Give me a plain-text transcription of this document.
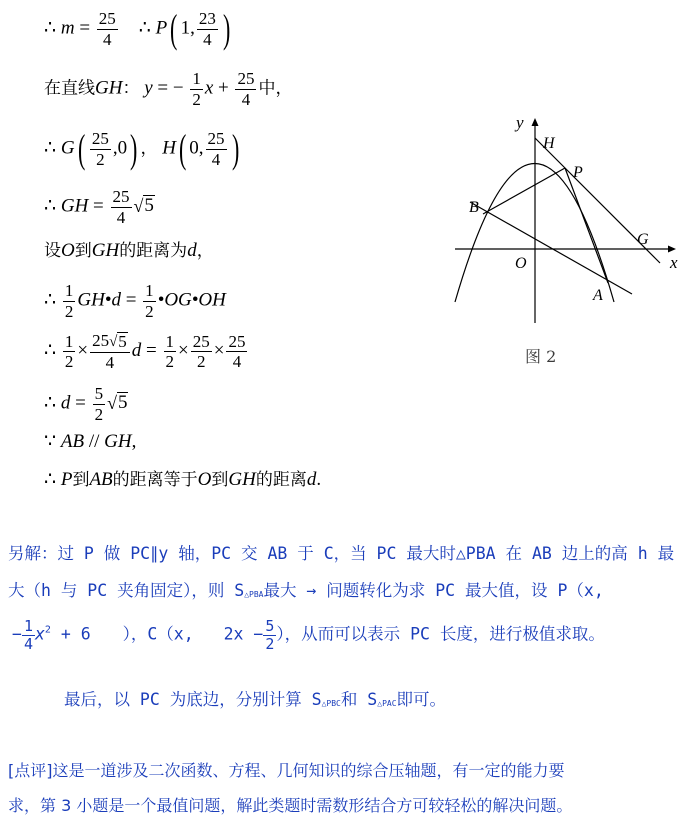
∴ $m = \frac{25}{4}$ ∴ P( 1, $\frac{23}{4}$ )
在直线GH： y = − $\frac{1}{2}$ $x + \frac{25}{4}$ 中，
∴ $G( \frac{25}{2} ,0)$ ， H( 0, $\frac{25}{4}$ )
∴ GH = $\frac{25}{4}$ √ 5
设O到GH的距离为d，
∴ $\frac{1}{2}$ GH•d = $\frac{1}{2}$ •OG•OH
∴ $\frac{1}{2} \times \frac{25 √ 5}{4}$ $d = \frac{1}{2} \times \frac{25}{2} \times \frac{25}{4}$
∴ $d = \frac{5}{2}$ √ 5
∵ AB // GH,
∴ P到AB的距离等于O到GH的距离d.
y
x
H
P
B
G
O
A
图 2
另解：过 P 做 PC∥y 轴，PC 交 AB 于 C，当 PC 最大时△PBA 在 AB 边上的高 h 最
大（h 与 PC 夹角固定），则 S△PBA最大 → 问题转化为求 PC 最大值，设 P（x,
− $\frac{1}{4} x^2 + 6$ ），C（x, $2x - \frac{5}{2}$ ），从而可以表示 PC 长度，进行极值求取。
最后，以 PC 为底边，分别计算 S△PBC和 S△PAC即可。
[点评]这是一道涉及二次函数、方程、几何知识的综合压轴题，有一定的能力要
求，第 3 小题是一个最值问题，解此类题时需数形结合方可较轻松的解决问题。
